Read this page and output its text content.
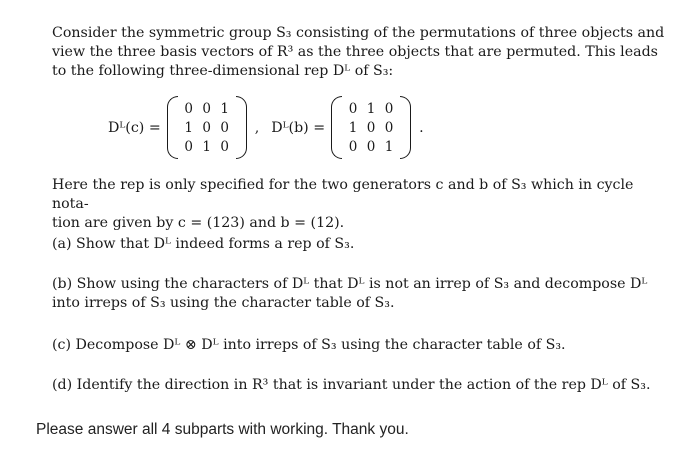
Consider the symmetric group S₃ consisting of the permutations of three objects and

view the three basis vectors of R³ as the three objects that are permuted. This leads

to the following three-dimensional rep Dᴸ of S₃:

Dᴸ(c) =
0 0 1
1 0 0
0 1 0
, Dᴸ(b) =
0 1 0
1 0 0
0 0 1
.

Here the rep is only specified for the two generators c and b of S₃ which in cycle nota-

tion are given by c = (123) and b = (12).

(a) Show that Dᴸ indeed forms a rep of S₃.
(b) Show using the characters of Dᴸ that Dᴸ is not an irrep of S₃ and decompose Dᴸ
into irreps of S₃ using the character table of S₃.
(c) Decompose Dᴸ ⊗ Dᴸ into irreps of S₃ using the character table of S₃.
(d) Identify the direction in R³ that is invariant under the action of the rep Dᴸ of S₃.
Please answer all 4 subparts with working. Thank you.
